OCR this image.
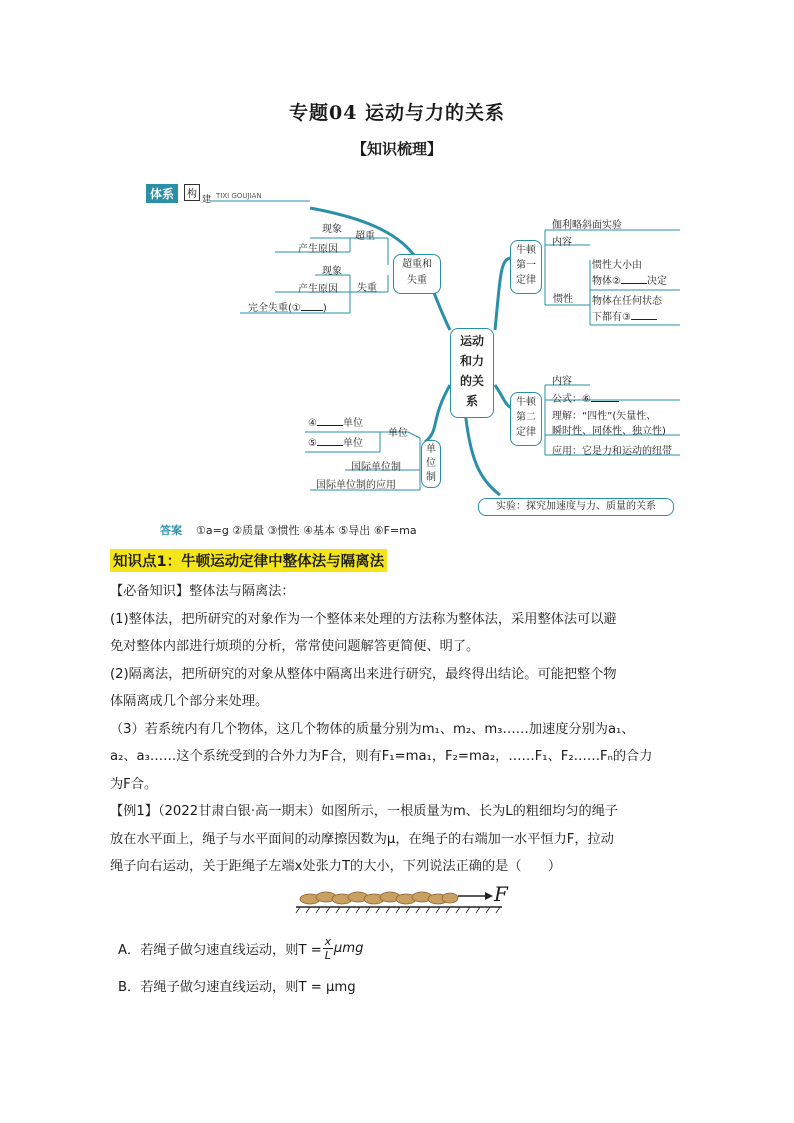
专题04 运动与力的关系
【知识梳理】
体系	构 建 TIXI GOUJIAN
运动
和力
的关
系
超重和
失重
超重
失重
现象
产生原因
现象
产生原因
完全失重(① )
牛顿
第一
定律
伽利略斜面实验
内容
惯性
惯性大小由
物体②	决定
物体在任何状态
下都有③
牛顿
第二
定律
内容
公式：⑥
理解：“四性”(矢量性、
瞬时性、同体性、独立性)
应用：它是力和运动的纽带
单
位
制
单位
④	单位
⑤	单位
国际单位制
国际单位制的应用
实验：探究加速度与力、质量的关系
答案 ①a=g ②质量 ③惯性 ④基本 ⑤导出 ⑥F=ma
知识点1：牛顿运动定律中整体法与隔离法
【必备知识】整体法与隔离法：
(1)整体法，把所研究的对象作为一个整体来处理的方法称为整体法，采用整体法可以避
免对整体内部进行烦琐的分析，常常使问题解答更简便、明了。
(2)隔离法，把所研究的对象从整体中隔离出来进行研究，最终得出结论。可能把整个物
体隔离成几个部分来处理。
（3）若系统内有几个物体，这几个物体的质量分别为m₁、m₂、m₃……加速度分别为a₁、
a₂、a₃……这个系统受到的合外力为F合，则有F₁=ma₁，F₂=ma₂，……F₁、F₂……Fₙ的合力
为F合。
【例1】（2022甘肃白银·高一期末）如图所示，一根质量为m、长为L的粗细均匀的绳子
放在水平面上，绳子与水平面间的动摩擦因数为μ，在绳子的右端加一水平恒力F，拉动
绳子向右运动，关于距绳子左端x处张力T的大小，下列说法正确的是（　　）
F
A．若绳子做匀速直线运动，则$T = \frac{x}{L}$ μmg
B．若绳子做匀速直线运动，则T = μmg
